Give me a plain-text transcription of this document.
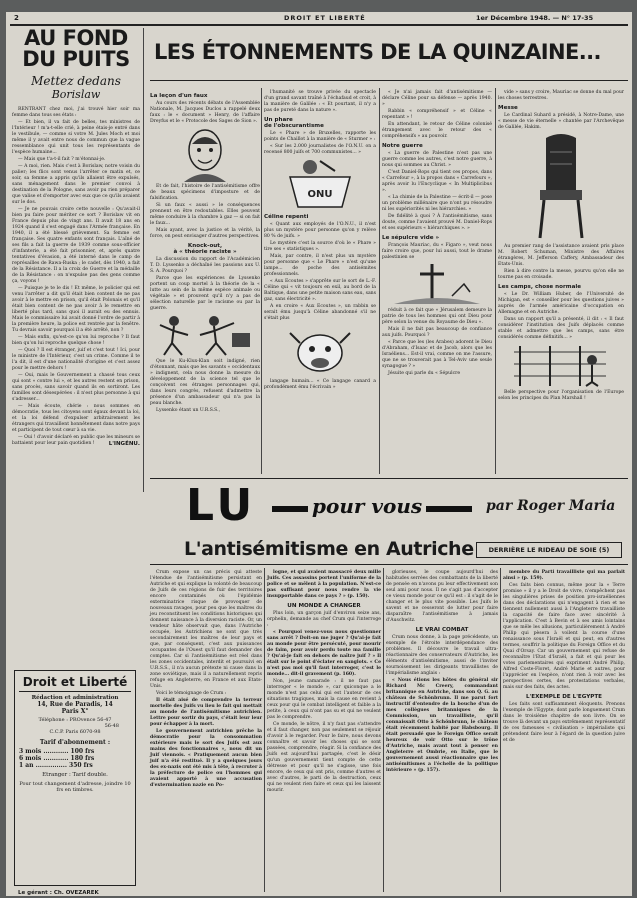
2	DROIT ET LIBERTÉ	1er Décembre 1948. — N° 17-35
AU FOND
DU PUITS
Mettez dedans
Borislaw

RENTRANT chez moi, j'ai trouvé hier soir ma femme dans tous ses états :

— Et bien, il va fait de belles, tes ministres de l'Intérieur ! m'a-t-elle crié, à peine étais-je entré dans le vestibule, — comme si votre M. Jules Moch et moi même il y avait entre nous de commun que la vague ressemblance qui unit tous les représentants de l'espèce humaine...

— Mais que t'a-t-il fait ? m'étonnai-je.

— A moi, rien. Mais c'est à Borislaw, notre voisin du palier; les flics sont venus l'arrêter ce matin et, ce soir, sa femme a appris qu'ils allaient être expulsés, sans ménagement dans le premier convoi à destination de la Pologne, sans avoir pu rien préparer que valise et d'emporter avec eux que ce qu'ils avaient sur le dos.

— Je ne pouvais croire cette nouvelle : Qu'avait-il bien pu faire pour mériter ce sort ? Borislaw vit en France depuis plus de vingt ans. Il avait 18 ans en 1924 quand il s'est engagé dans l'Armée française. En 1940, il a été blessé grièvement. Sa femme est française. Ses quatre enfants sont français. L'aîné de ses fils a fait la guerre de 1939 comme sous-officier d'infanterie, a été fait prisonnier, et, après quatre tentatives d'évasion, a été interné dans le camp de représailles de Rawa-Ruska ; le cadet, dès 1940, a fait de la Résistance. Il a la croix de Guerre et la médaille de la Résistance : on n'expulse pas des gens comme ça, voyons !

— Puisque je te le dis ! Et même, le policier qui est venu l'arrêter a dit qu'il était bien content de ne pas avoir à le mettre en prison, qu'il était Polonais et qu'il était bien content de ne pas avoir à le remettre en liberté plus tard, sans quoi il aurait eu des ennuis. Mais le commissaire lui avait donné l'ordre de partir à la première heure, la police est rentrée par la fenêtre. Tu devrais savoir pourquoi il a été arrêté, non ?

— Mais enfin, qu'est-ce qu'on lui reproche ? Il faut bien qu'on lui reproche quelque chose !

— Quoi ? Il est étranger, juif et c'est tout ! Ici, pour le ministre de l'Intérieur, c'est un crime. Comme il te l'a dit, il est d'une nationalité d'origine et c'est assez pour le mettre dehors !

— Oui, mais le Gouvernement a chassé tous ceux qui sont « contre lui », et les autres restent en prison, sans procès, sans savoir quand ils en sortiront. Les familles sont désespérées : il n'est plus personne à qui s'adresser...

— Mais écoute, chérie : nous sommes en démocratie, tous les citoyens sont égaux devant la loi, et la loi défend d'expulser arbitrairement les étrangers qui travaillent honnêtement dans notre pays et participent de tout cœur à sa vie.

— Oui ! d'avoir déclaré en public que les mineurs se battaient pour leur pain quotidien !	L'INGÉNU.
Droit et Liberté
Rédaction et administration
14, Rue de Paradis, 14
Paris X°
Téléphone : PROvence 56-47
56-48
C.C.P. Paris 6070-98
Tarif d'abonnement :
3 mois ............ 100 frs
6 mois ............ 180 frs
1 an ............... 350 frs
Etranger : Tarif double.
Pour tout changement d'adresse, joindre 10 frs en timbres.
Le gérant : Ch. OVEZAREK
LES ÉTONNEMENTS DE LA QUINZAINE...
La leçon d'un faux

Au cours des récents débats de l'Assemblée Nationale, M. Jacques Duclos a rappelé deux faux : le « document » Henry, de l'affaire Dreyfus et le « Protocole des Sages de Sion ».

Et de fait, l'histoire de l'antisémitisme offre de beaux spécimens d'imposture et de falsification.

Si un faux « aussi » le conséquences prennent en être redoutables. Elles peuvent même conduire à la chambre à gaz — si on fait le faux...

Mais ayant, avec la justice et la vérité, la force, on peut envisager d'autres perspectives.

Knock-out,
à « théorie raciste »

La discussion du rapport de l'Académicien T. D. Lyssenko a déchaîné les passions aux U. S. A. Pourquoi ?

Parce que les expériences de Lyssenko portent un coup mortel à la théorie de la « lutte au sein de la même espèce animale ou végétale » et prouvent qu'il n'y a pas de sélection naturelle par le racisme ou par la guerre.

Que le Ku-Klux-Klan soit indigné, rien d'étonnant, mais que les savants « occidentaux » indignent, cela nous donne la mesure du développement de la science tel que le conçoivent ces étranges personnages qui, dans leurs congrès, refusent d'admettre la présence d'un ambassadeur qui n'a pas la peau blanche.

Lyssenko étant un U.R.S.S.,

l'humanité se trouve privée du spectacle d'un grand savant traîné à l'échafaud et croit, à la manière de Galilée : « Et pourtant, il n'y a pas de pureté dans la nature ».

Un phare
de l'obscurantisme

Le « Phare » de Bruxelles, rapporte les points de Chaillot à la manière de « Sturmer » :

« Sur les 2.000 journalistes de l'O.N.U. on a recensé 800 juifs et 700 communistes... »

ONU
Céline repenti

« Quant aux employés de l'O.N.U., il n'est plus un mystère pour personne qu'on y relève 80 % de juifs. »

Le mystère c'est la source d'où le « Phare » tire ses « statistiques ».

Mais, par contre, il n'est plus un mystère pour personne que « Le Phare » n'est qu'une lampe... de poche des antisémites professionnels.

« Aux Ecoutes » s'apprête sur le sort de L.-F. Céline qui « vit toujours en exil, au bord de la Baltique, dans une petite maison sans eau, sans gaz, sans électricité ».

A en croire « Aux Ecoutes », un rabbin se serait ému jusqu'à Céline abandonné s'il ne s'était plus

langage humain... « Ce langage canard a profondément ému l'écrivain »

« Je n'ai jamais fait d'antisémitisme — déclare Céline pour sa défense — après 1940. »

Rabbin « compréhensif » et Céline « repentant » !

En attendant, le retour de Céline colonisé étrangement avec le retour des « compréhensifs » au pouvoir.

Notre guerre

« La guerre de Palestine n'est pas une guerre comme les autres, c'est notre guerre, à nous qui sommes au Christ. »

C'est Daniel-Rops qui tient ces propos, dans « Carrefour », à la propos dans « Carrefours », après avoir lu l'Encyclique « In Multiplicibus ».

« La chimie de la Palestine — écrit-il — pose un problème millénaire que n'ont pu résoudre ni les supériorités ni les hiérarchies. »

De fidélité à quoi ? À l'antisémitisme, sans doute, comme l'avaient prouvé M. Daniel-Rops et ses supérieurs « hiérarchiques ». »

Le sépulcre vide »

François Mauriac, du « Figaro », veut nous faire croire que, pour lui aussi, tout le drame palestinien se

réduit à ce fait que « Jérusalem demeure la patrie de tous les hommes qui ont Dieu pour père selon la venue du Royaume de Dieu ».

Mais il ne fait pas beaucoup de confiance aux juifs. Pourquoi ?

« Parce que les (les Arabes) adorent le Dieu d'Abraham, d'Isaac et de Jacob, alors que les Israéliens... Est-il vrai, comme on me l'assure, que ne se trouverait pas à Tel-Aviv une seule synagogue ? »

Jésuite qui parle du « Sépulcre

vide » sans y croire, Mauriac se donne du mal pour les choses terrestres.

Messe

Le Cardinal Suhard a présidé, à Notre-Dame, une « messe de vie éternelle » chantée par l'Archevêque de Galilée, Hakim.

Au premier rang de l'assistance avaient pris place M. Robert Schuman, Ministre des Affaires étrangères, M. Jefferson Caffery, Ambassadeur des Etats-Unis.

Rien à dire contre la messe, pourvu qu'on elle ne tourne pas en croisade.

Les camps, chose normale

« Le Dr. William Huber, de l'Université de Michigan, est « conseiller pour les questions juives » auprès de l'armée américaine d'occupation en Allemagne et en Autriche.

Dans un rapport qu'il a présenté, il dit : « Il faut considérer l'institution des Juifs déplacés comme stable et admettre que les camps, sans étre considérés comme définitifs... »

Belle perspective pour l'organisation de l'Europe selon les principes du Plan Marshall !

LU	pour vous	par Roger Maria
L'antisémitisme en Autriche	DERRIÈRE LE RIDEAU DE SOIE (5)

Crum expose un cas précis qui atteste l'étendue de l'antisémitisme persistant en Autriche et qui explique la volonté de beaucoup de Juifs de ces régions de fuir des territoires encore contaminés où l'épidémie exterminatrice risque de provoquer de nouveaux ravages, pour peu que les maîtres du jeu reconstituent les conditions historiques qui donnent naissance à la diversion raciste. Or, un vendeur hâte observait que, dans l'Autriche occupée, les Autrichiens ne sont que très secondairement les maîtres de leur pays et que, par conséquent, c'est aux puissances occupantes de l'Ouest qu'il faut demander des comptes. Car si l'antisémitisme est réel dans les zones occidentales, interdit et poursuivi en U.R.S.S., il n'a aucun prétexte ni cause dans la zone soviétique, mais il a naturellement repris refuge en Angleterre, en France et aux Etats-Unis.

Voici le témoignage de Crum :

Il était aisé de comprendre la terreur mortelle des Juifs vu lieu le fait qui mettait au monde de l'antisémitisme autrichien. Lettre pour sortir du pays, c'était leur leur pour échapper à la mort.

Le gouvernement autrichien prêche la démocratie pour la consommation extérieure mais le sort des Juifs est aux mains des fonctionnaires », nous dit un Juif viennois. « Pratiquement aucun bien juif n'a été restitué. Il y a quelques jours des ex-nazis ont été mis à tête, à recruter à la préfecture de police ou l'hommes qui avaient apporté à une accusation d'extermination nazie en Po-

logne, et qui avaient massacré deux mille Juifs. Ces assassins portent l'uniforme de la police et se mêlent à la population. N'est-ce pas suffisant pour nous rendre la vie insupportable dans ce pays ? » (p. 150).

UN MONDE A CHANGER

Plus loin, un garçon juif d'environ seize ans, orphelin, demande au chef Crum qui l'interroge :

« Pourquoi venez-vous nous questionner sans arrêt ? Doit-on me juger ? Qu'ai-je fait au monde pour être persécuté, pour mourir de faim, pour avoir perdu toute ma famille ? Qu'ai-je fait en dehors de naître juif ? » Il était sur le point d'éclater en sanglots. « Ce n'est pas moi qu'il faut interroger, c'est le monde... dit-il gravement (p. 160).

Non, jeune camarade : il ne faut pas interroger « le monde », car quiconque a le monde n'est pas celui qui est l'auteur de ces situations tragiques, mais la cause en revient à ceux pour qui le combat intelligent et faible a la petite, à ceux qui n'ont pas su et qui ne veulent pas le comprendre.

Ce monde, le nôtre, il n'y faut pas s'attendre et il faut changer, non pas seulement se réjouir d'avoir à le regarder. Pour le faire, nous devons connaître et savoir les choses qui se sont passées, comprendre, réagir. Si la confiance des Juifs est aujourd'hui partagée, c'est le désir qu'un gouvernement tient compte de cette détresse et pour qu'il ne s'agisse, une fois encore, de ceux qui ont pris, comme d'autres et avec d'autres, le parti de la destruction, ceux qui ne veulent rien faire et ceux qui les laissent mourir.

glorieuses, le coupe aujourd'hui des habitudes serrées des combattants de la liberté de pensée en n'avons pu leur effectivement son seul ami pour nous. Il ne s'agit pas d'accepter ce vieux monde pour ce qu'il est : il s'agit de le changer et le plus vite possible. Les Juifs le savent et ne cesseront de lutter pour faire disparaître l'antisémitisme à jamais d'Auschwitz.

LE VRAI COMBAT

Crum nous donne, à la page précédente, un exemple de l'étroite interdépendance des problèmes. Il découvre le travail ultra-réactionnaire des conservateurs d'Autriche, les éléments d'antisémitisme, aussi de l'inviter sournoisement les dirigeants travaillistes de l'impérialisme anglais :

« Nous étions les hôtes du général sir Richard Mc Creery, commandant britannique en Autriche, dans son Q. G. au château de Schönbrunn. Il me parut fort instructif d'entendre de la bouche d'un de mes collègues britanniques de la Commission, un travailliste, qu'il connaissait Otto à Schönbrunn, le château était récemment habité par Habsbourg. Il était persuadé que le Foreign Office serait heureux de voir Otto sur le trône d'Autriche, mais avant tout à penser en Angleterre et Ombrie, en Italie, que le gouvernement aussi réactionnaire que les antisémitismes a l'échelle de la politique intérieure » (p. 157).

membre du Parti travailliste qui ma parlait ainsi » (p. 159).

Ces faits bien connus, même pour la « Terre promise » il y a le Droit de vivre, n'empêchent pas les singulières prises de position pro-israéliennes dans des déclarations qui n'engagent à rien et ne tiennent nullement aussi à l'Angleterre travailliste la capacité de faire face avec sincérité à l'application. C'est à Bevin et à ses amis lointains que se mêle les allusions, particulièrement à André Philip qui pèsera à voilent la course d'une renaissance sous l'Israël et qui peut, en d'autres termes, souffrir la politique du Foreign Office et du Quai d'Orsay. Car un gouvernement qui refuse de reconnaître l'Etat d'Israël, a fait et qui pour les votes parlementaires qui expriment André Philip, Alfred Coste-Floret, André Marie et autres, pour l'apprécier en l'espèce, n'ont rien à voir avec les perspectives certes, des protestations verbales, mais sur des faits, des actes.

L'EXEMPLE DE L'EGYPTE

Les faits sont suffisamment éloquents. Prenons l'exemple de l'Egypte, dont parle longuement Crum dans le troisième chapitre de son livre. On se trouve là devant un pays extrêmement représentatif de ces fameuses « civilisation » impérialiste qui prétendent faire leur à l'égard de la question juive et de
